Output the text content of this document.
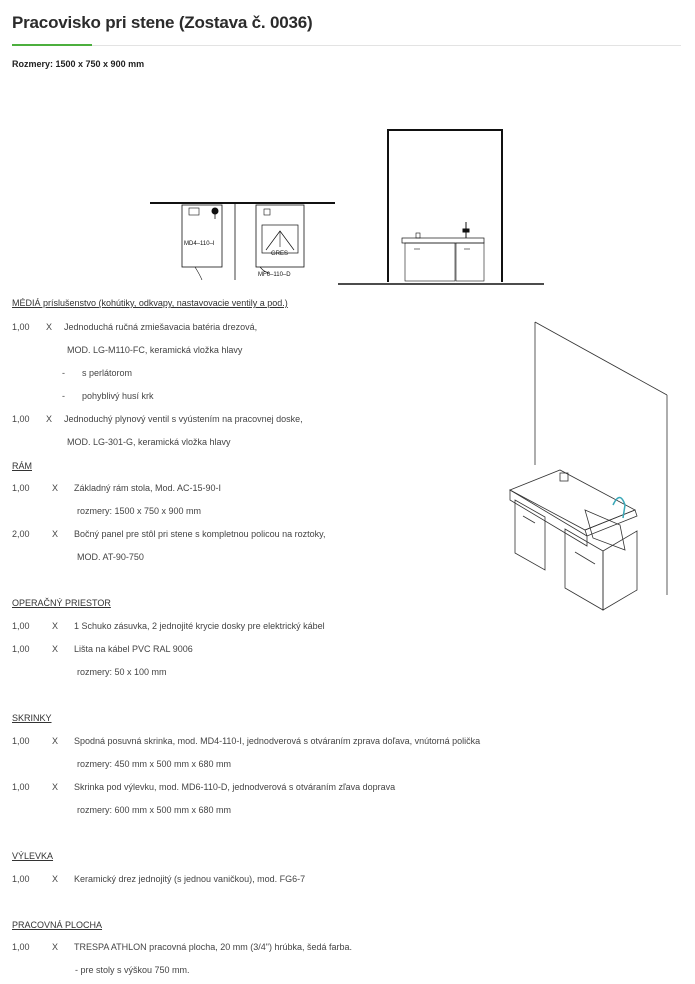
Pracovisko pri stene (Zostava č. 0036)
Rozmery: 1500 x 750 x 900 mm
MD4–110–I
GRES
MF6–110–D
MÉDIÁ príslušenstvo (kohútiky, odkvapy, nastavovacie ventily a pod.)
1,00 X Jednoduchá ručná zmiešavacia batéria drezová,
MOD. LG-M110-FC, keramická vložka hlavy
- s perlátorom
- pohyblivý husí krk
1,00 X Jednoduchý plynový ventil s vyústením na pracovnej doske,
MOD. LG-301-G, keramická vložka hlavy
RÁM
1,00 X Základný rám stola, Mod. AC-15-90-I
rozmery: 1500 x 750 x 900 mm
2,00 X Bočný panel pre stôl pri stene s kompletnou policou na roztoky,
MOD. AT-90-750
OPERAČNÝ PRIESTOR
1,00 X 1 Schuko zásuvka, 2 jednojité krycie dosky pre elektrický kábel
1,00 X Lišta na kábel PVC RAL 9006
rozmery: 50 x 100 mm
SKRINKY
1,00 X Spodná posuvná skrinka, mod. MD4-110-I, jednodverová s otváraním zprava doľava, vnútorná polička
rozmery: 450 mm x 500 mm x 680 mm
1,00 X Skrinka pod výlevku, mod. MD6-110-D, jednodverová s otváraním zľava doprava
rozmery: 600 mm x 500 mm x 680 mm
VÝLEVKA
1,00 X Keramický drez jednojitý (s jednou vaničkou), mod. FG6-7
PRACOVNÁ PLOCHA
1,00 X TRESPA ATHLON pracovná plocha, 20 mm (3/4") hrúbka, šedá farba.
- pre stoly s výškou 750 mm.
